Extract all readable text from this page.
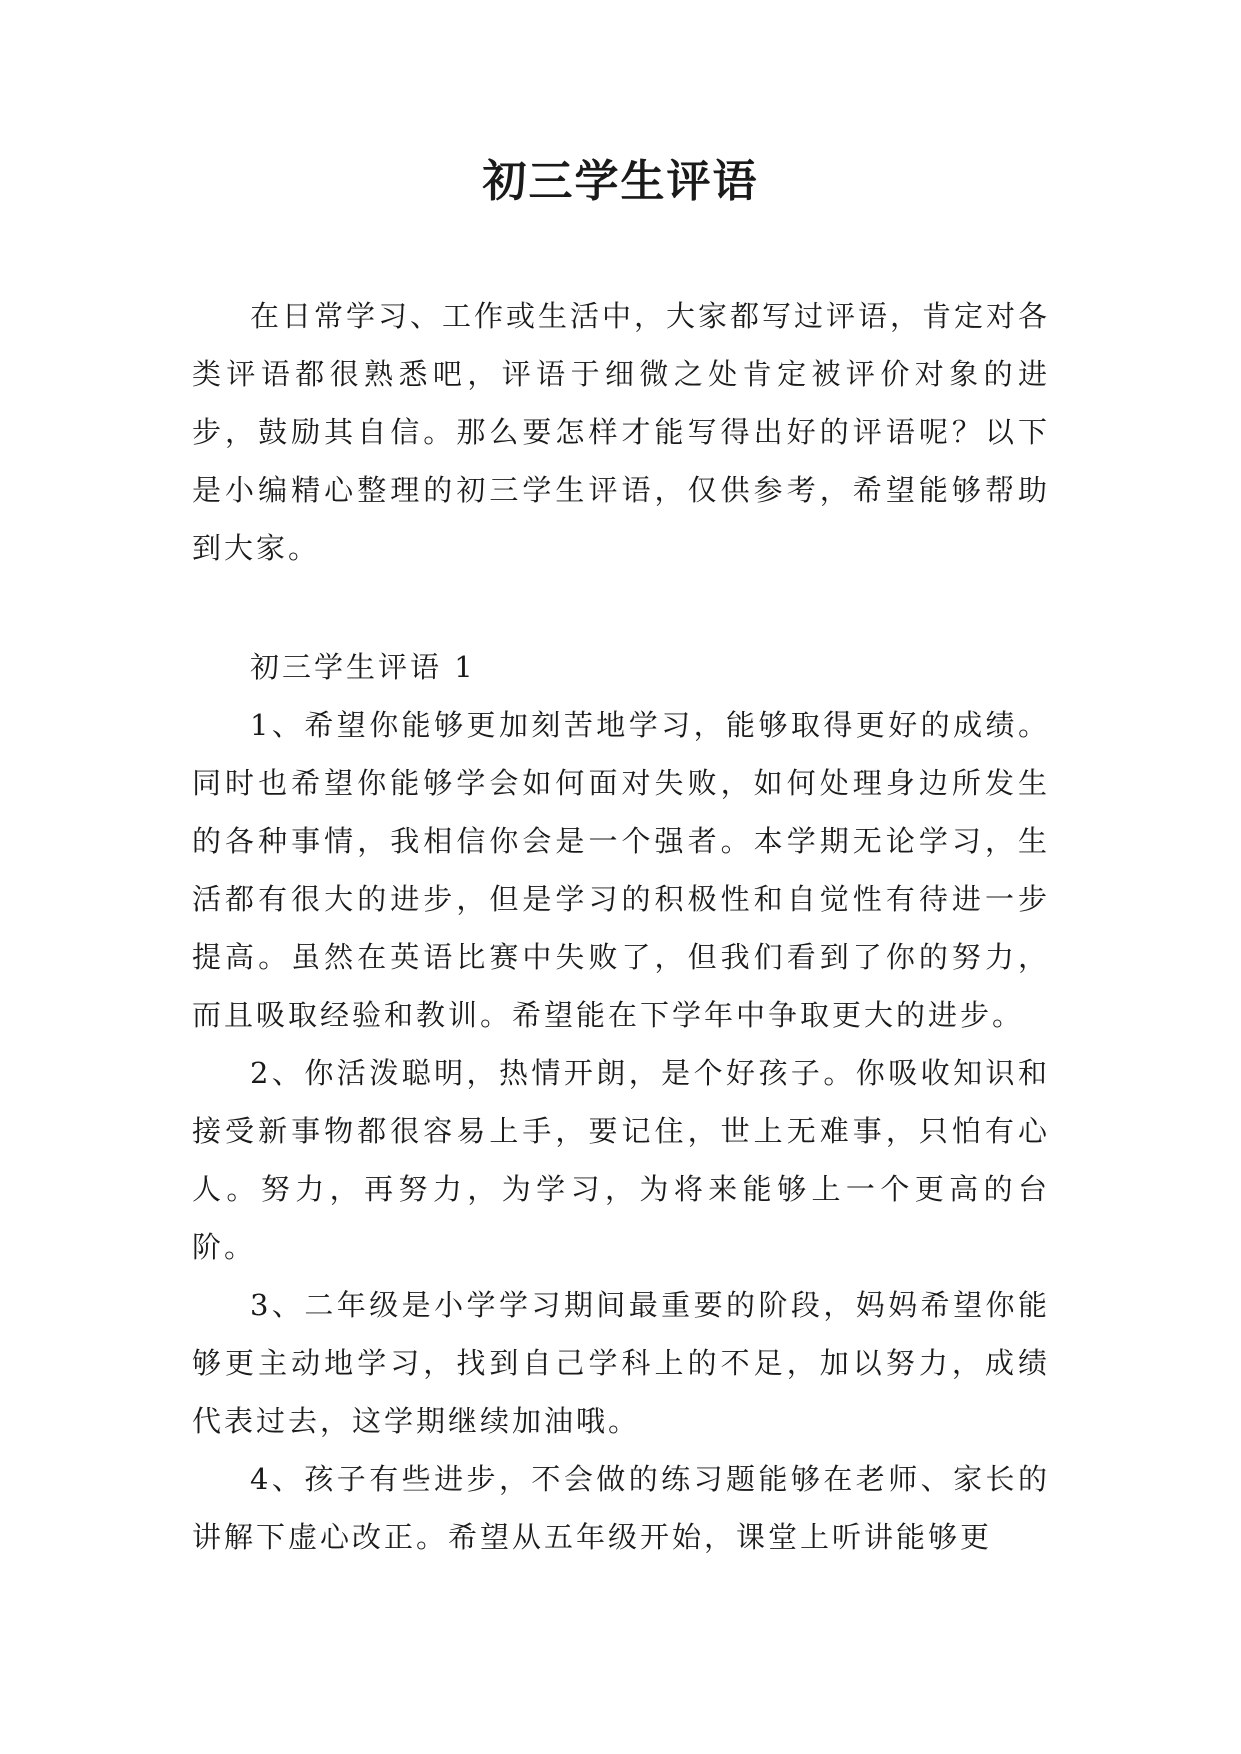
初三学生评语

在日常学习、工作或生活中，大家都写过评语，肯定对各类评语都很熟悉吧，评语于细微之处肯定被评价对象的进步，鼓励其自信。那么要怎样才能写得出好的评语呢？以下是小编精心整理的初三学生评语，仅供参考，希望能够帮助到大家。

初三学生评语 1

1、希望你能够更加刻苦地学习，能够取得更好的成绩。同时也希望你能够学会如何面对失败，如何处理身边所发生的各种事情，我相信你会是一个强者。本学期无论学习，生活都有很大的进步，但是学习的积极性和自觉性有待进一步提高。虽然在英语比赛中失败了，但我们看到了你的努力，而且吸取经验和教训。希望能在下学年中争取更大的进步。

2、你活泼聪明，热情开朗，是个好孩子。你吸收知识和接受新事物都很容易上手，要记住，世上无难事，只怕有心人。努力，再努力，为学习，为将来能够上一个更高的台阶。

3、二年级是小学学习期间最重要的阶段，妈妈希望你能够更主动地学习，找到自己学科上的不足，加以努力，成绩代表过去，这学期继续加油哦。

4、孩子有些进步，不会做的练习题能够在老师、家长的讲解下虚心改正。希望从五年级开始，课堂上听讲能够更
